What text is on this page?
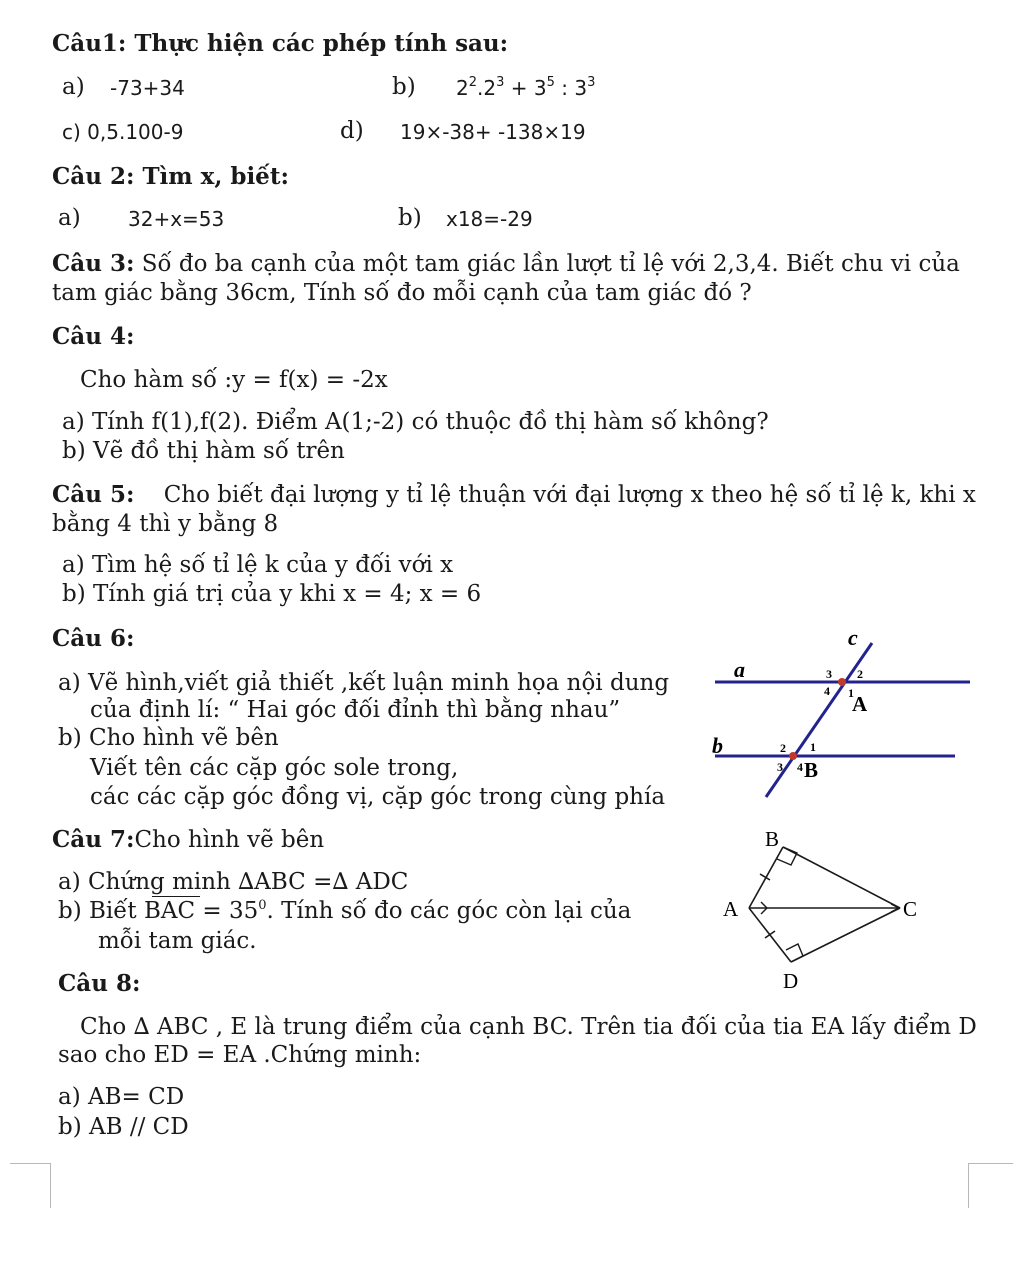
Câu1: Thực hiện các phép tính sau:
a) -73+34	b) $2^2.2^3 + 3^5$ : $3^3$
c) 0,5.100-9	d) 19×-38+ -138×19
Câu 2: Tìm x, biết:
a) 32+x=53	b) x18=-29
Câu 3: Số đo ba cạnh của một tam giác lần lượt tỉ lệ với 2,3,4. Biết chu vi của
tam giác bằng 36cm, Tính số đo mỗi cạnh của tam giác đó ?
Câu 4:
Cho hàm số :y = f(x) = -2x
a) Tính f(1),f(2). Điểm A(1;-2) có thuộc đồ thị hàm số không?
b) Vẽ đồ thị hàm số trên
Câu 5: Cho biết đại lượng y tỉ lệ thuận với đại lượng x theo hệ số tỉ lệ k, khi x
bằng 4 thì y bằng 8
a) Tìm hệ số tỉ lệ k của y đối với x
b) Tính giá trị của y khi x = 4; x = 6
Câu 6:
a) Vẽ hình,viết giả thiết ,kết luận minh họa nội dung
của định lí: “ Hai góc đối đỉnh thì bằng nhau”
b) Cho hình vẽ bên
Viết tên các cặp góc sole trong,
các các cặp góc đồng vị, cặp góc trong cùng phía
c
a
b
A
B
3 2
4 1
2 1
3 4
Câu 7:Cho hình vẽ bên
a) Chứng minh ∆ABC =∆ ADC
b) Biết BAC = $35^0$. Tính số đo các góc còn lại của
mỗi tam giác.
B
A	C
D
Câu 8:
Cho ∆ ABC , E là trung điểm của cạnh BC. Trên tia đối của tia EA lấy điểm D
sao cho ED = EA .Chứng minh:
a) AB= CD
b) AB // CD
